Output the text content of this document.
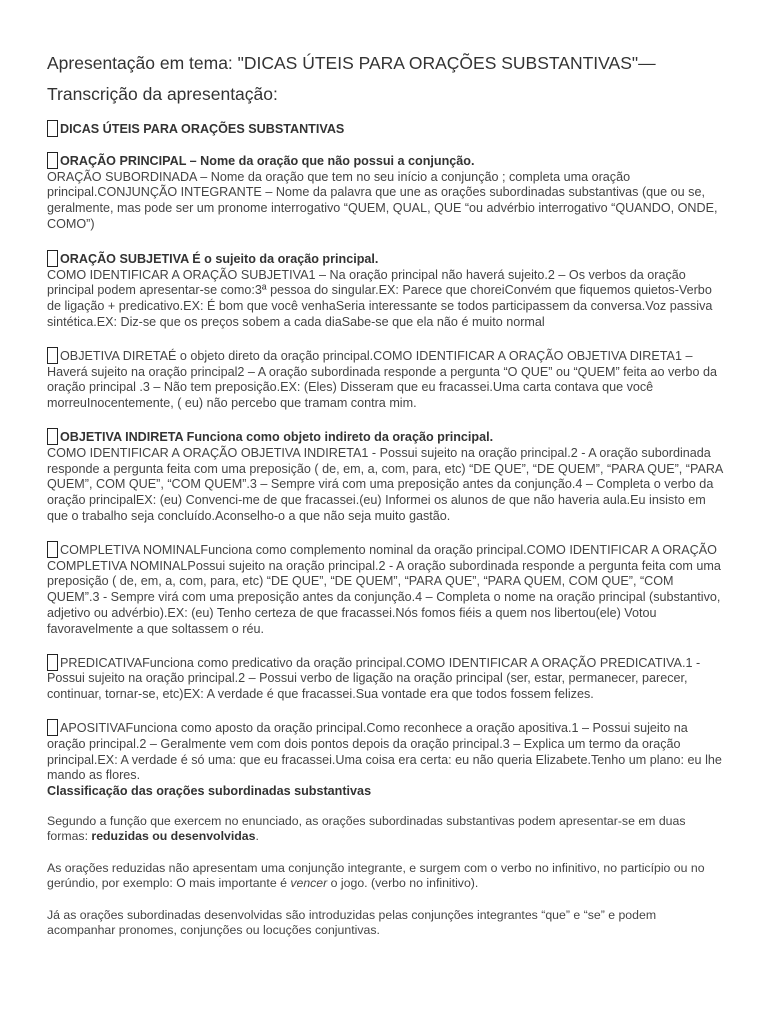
Apresentação em tema: "DICAS ÚTEIS PARA ORAÇÕES SUBSTANTIVAS"— Transcrição da apresentação:
DICAS ÚTEIS PARA ORAÇÕES SUBSTANTIVAS

ORAÇÃO PRINCIPAL – Nome da oração que não possui a conjunção.

ORAÇÃO SUBORDINADA – Nome da oração que tem no seu início a conjunção ; completa uma oração principal.CONJUNÇÃO INTEGRANTE – Nome da palavra que une as orações subordinadas substantivas (que ou se, geralmente, mas pode ser um pronome interrogativo “QUEM, QUAL, QUE “ou advérbio interrogativo “QUANDO, ONDE, COMO”)

ORAÇÃO SUBJETIVA É o sujeito da oração principal.

COMO IDENTIFICAR A ORAÇÃO SUBJETIVA1 – Na oração principal não haverá sujeito.2 – Os verbos da oração principal podem apresentar-se como:3ª pessoa do singular.EX: Parece que choreiConvém que fiquemos quietos-Verbo de ligação + predicativo.EX: É bom que você venhaSeria interessante se todos participassem da conversa.Voz passiva sintética.EX: Diz-se que os preços sobem a cada diaSabe-se que ela não é muito normal

OBJETIVA DIRETAÉ o objeto direto da oração principal.COMO IDENTIFICAR A ORAÇÃO OBJETIVA DIRETA1 – Haverá sujeito na oração principal2 – A oração subordinada responde a pergunta “O QUE” ou “QUEM” feita ao verbo da oração principal .3 – Não tem preposição.EX: (Eles) Disseram que eu fracassei.Uma carta contava que você morreuInocentemente, ( eu) não percebo que tramam contra mim.

OBJETIVA INDIRETA Funciona como objeto indireto da oração principal.

COMO IDENTIFICAR A ORAÇÃO OBJETIVA INDIRETA1 - Possui sujeito na oração principal.2 - A oração subordinada responde a pergunta feita com uma preposição ( de, em, a, com, para, etc) “DE QUE”, “DE QUEM”, “PARA QUE”, “PARA QUEM”, COM QUE”, “COM QUEM”.3 – Sempre virá com uma preposição antes da conjunção.4 – Completa o verbo da oração principalEX: (eu) Convenci-me de que fracassei.(eu) Informei os alunos de que não haveria aula.Eu insisto em que o trabalho seja concluído.Aconselho-o a que não seja muito gastão.

COMPLETIVA NOMINALFunciona como complemento nominal da oração principal.COMO IDENTIFICAR A ORAÇÃO COMPLETIVA NOMINALPossui sujeito na oração principal.2 - A oração subordinada responde a pergunta feita com uma preposição ( de, em, a, com, para, etc) “DE QUE”, “DE QUEM”, “PARA QUE”, “PARA QUEM, COM QUE”, “COM QUEM”.3 - Sempre virá com uma preposição antes da conjunção.4 – Completa o nome na oração principal (substantivo, adjetivo ou advérbio).EX: (eu) Tenho certeza de que fracassei.Nós fomos fiéis a quem nos libertou(ele) Votou favoravelmente a que soltassem o réu.

PREDICATIVAFunciona como predicativo da oração principal.COMO IDENTIFICAR A ORAÇÃO PREDICATIVA.1 - Possui sujeito na oração principal.2 – Possui verbo de ligação na oração principal (ser, estar, permanecer, parecer, continuar, tornar-se, etc)EX: A verdade é que fracassei.Sua vontade era que todos fossem felizes.

APOSITIVAFunciona como aposto da oração principal.Como reconhece a oração apositiva.1 – Possui sujeito na oração principal.2 – Geralmente vem com dois pontos depois da oração principal.3 – Explica um termo da oração principal.EX: A verdade é só uma: que eu fracassei.Uma coisa era certa: eu não queria Elizabete.Tenho um plano: eu lhe mando as flores.

Classificação das orações subordinadas substantivas

Segundo a função que exercem no enunciado, as orações subordinadas substantivas podem apresentar-se em duas formas: reduzidas ou desenvolvidas.

As orações reduzidas não apresentam uma conjunção integrante, e surgem com o verbo no infinitivo, no particípio ou no gerúndio, por exemplo: O mais importante é vencer o jogo. (verbo no infinitivo).

Já as orações subordinadas desenvolvidas são introduzidas pelas conjunções integrantes “que” e “se” e podem acompanhar pronomes, conjunções ou locuções conjuntivas.
